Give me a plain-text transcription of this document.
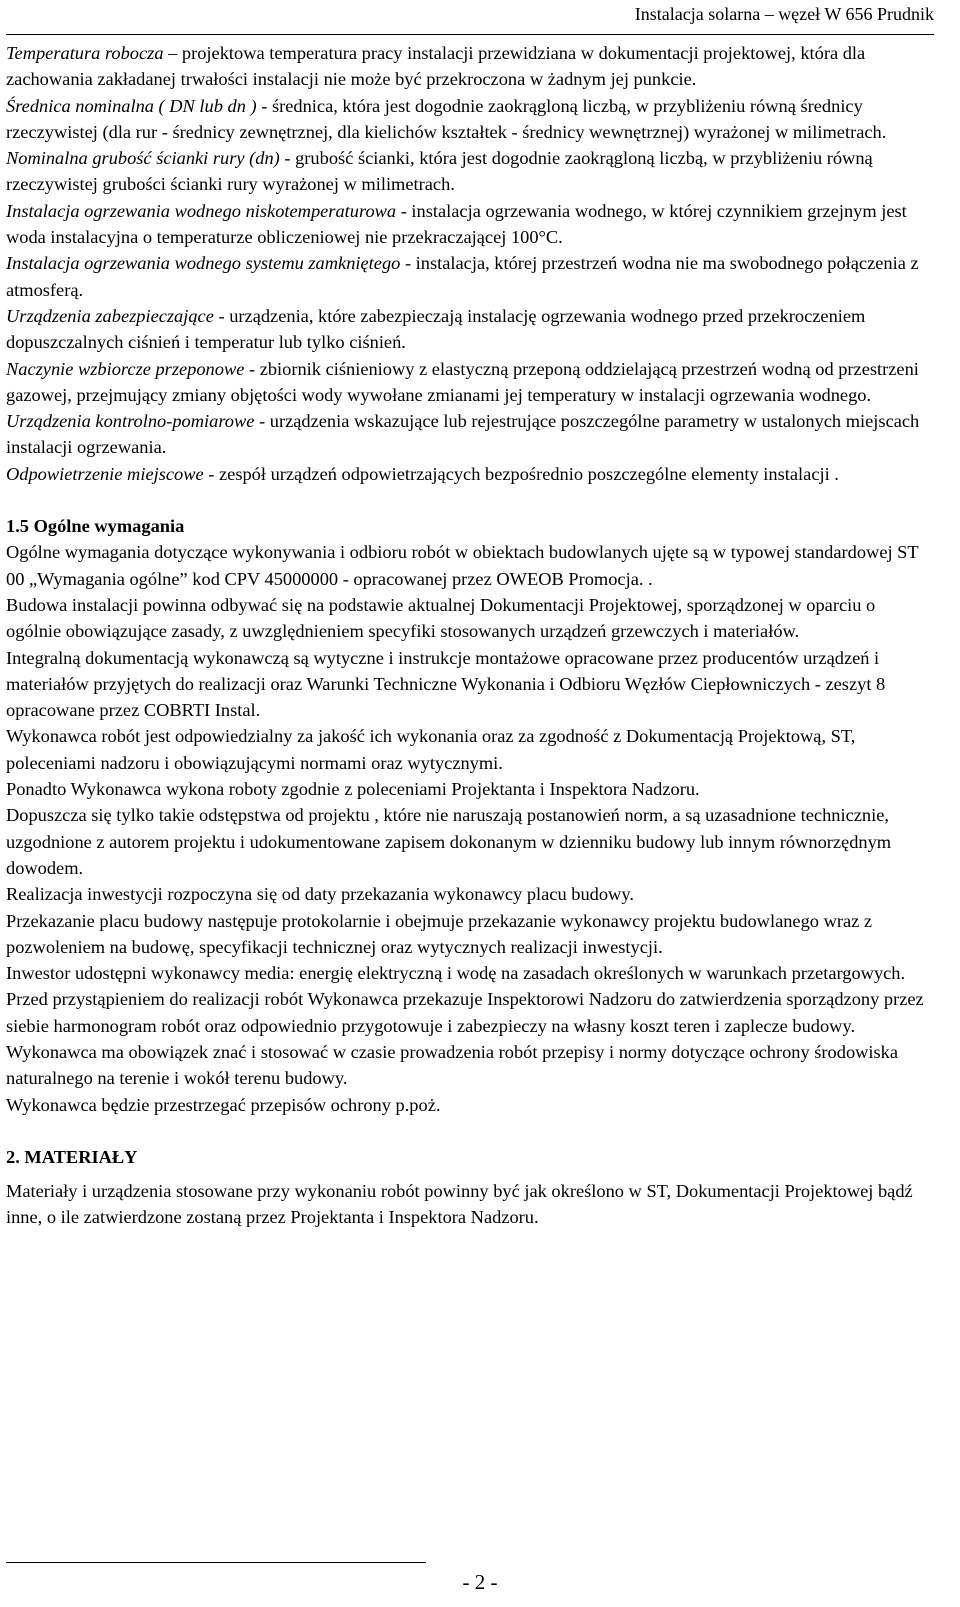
Instalacja solarna – węzeł W 656 Prudnik

Temperatura robocza – projektowa temperatura pracy instalacji przewidziana w dokumentacji projektowej, która dla zachowania zakładanej trwałości instalacji nie może być przekroczona w żadnym jej punkcie.

Średnica nominalna ( DN lub dn ) - średnica, która jest dogodnie zaokrągloną liczbą, w przybliżeniu równą średnicy rzeczywistej (dla rur - średnicy zewnętrznej, dla kielichów kształtek - średnicy wewnętrznej) wyrażonej w milimetrach.

Nominalna grubość ścianki rury (dn) - grubość ścianki, która jest dogodnie zaokrągloną liczbą, w przybliżeniu równą rzeczywistej grubości ścianki rury wyrażonej w milimetrach.

Instalacja ogrzewania wodnego niskotemperaturowa - instalacja ogrzewania wodnego, w której czynnikiem grzejnym jest woda instalacyjna o temperaturze obliczeniowej nie przekraczającej 100°C.

Instalacja ogrzewania wodnego systemu zamkniętego - instalacja, której przestrzeń wodna nie ma swobodnego połączenia z atmosferą.

Urządzenia zabezpieczające - urządzenia, które zabezpieczają instalację ogrzewania wodnego przed przekroczeniem dopuszczalnych ciśnień i temperatur lub tylko ciśnień.

Naczynie wzbiorcze przeponowe - zbiornik ciśnieniowy z elastyczną przeponą oddzielającą przestrzeń wodną od przestrzeni gazowej, przejmujący zmiany objętości wody wywołane zmianami jej temperatury w instalacji ogrzewania wodnego.

Urządzenia kontrolno-pomiarowe - urządzenia wskazujące lub rejestrujące poszczególne parametry w ustalonych miejscach instalacji ogrzewania.

Odpowietrzenie miejscowe - zespół urządzeń odpowietrzających bezpośrednio poszczególne elementy instalacji .

1.5 Ogólne wymagania

Ogólne wymagania dotyczące wykonywania i odbioru robót w obiektach budowlanych ujęte są w typowej standardowej ST 00 „Wymagania ogólne” kod CPV 45000000 - opracowanej przez OWEOB Promocja. .

Budowa instalacji powinna odbywać się na podstawie aktualnej Dokumentacji Projektowej, sporządzonej w oparciu o ogólnie obowiązujące zasady, z uwzględnieniem specyfiki stosowanych urządzeń grzewczych i materiałów.

Integralną dokumentacją wykonawczą są wytyczne i instrukcje montażowe opracowane przez producentów urządzeń i materiałów przyjętych do realizacji oraz Warunki Techniczne Wykonania i Odbioru Węzłów Ciepłowniczych - zeszyt 8 opracowane przez COBRTI Instal.

Wykonawca robót jest odpowiedzialny za jakość ich wykonania oraz za zgodność z Dokumentacją Projektową, ST, poleceniami nadzoru i obowiązującymi normami oraz wytycznymi.

Ponadto Wykonawca wykona roboty zgodnie z poleceniami Projektanta i Inspektora Nadzoru.

Dopuszcza się tylko takie odstępstwa od projektu , które nie naruszają postanowień norm, a są uzasadnione technicznie, uzgodnione z autorem projektu i udokumentowane zapisem dokonanym w dzienniku budowy lub innym równorzędnym dowodem.

Realizacja inwestycji rozpoczyna się od daty przekazania wykonawcy placu budowy.

Przekazanie placu budowy następuje protokolarnie i obejmuje przekazanie wykonawcy projektu budowlanego wraz z pozwoleniem na budowę, specyfikacji technicznej oraz wytycznych realizacji inwestycji.

Inwestor udostępni wykonawcy media: energię elektryczną i wodę na zasadach określonych w warunkach przetargowych.

Przed przystąpieniem do realizacji robót Wykonawca przekazuje Inspektorowi Nadzoru do zatwierdzenia sporządzony przez siebie harmonogram robót oraz odpowiednio przygotowuje i zabezpieczy na własny koszt teren i zaplecze budowy.

Wykonawca ma obowiązek znać i stosować w czasie prowadzenia robót przepisy i normy dotyczące ochrony środowiska naturalnego na terenie i wokół terenu budowy.

Wykonawca będzie przestrzegać przepisów ochrony p.poż.

2. MATERIAŁY

Materiały i urządzenia stosowane przy wykonaniu robót powinny być jak określono w ST, Dokumentacji Projektowej bądź inne, o ile zatwierdzone zostaną przez Projektanta i Inspektora Nadzoru.

- 2 -
